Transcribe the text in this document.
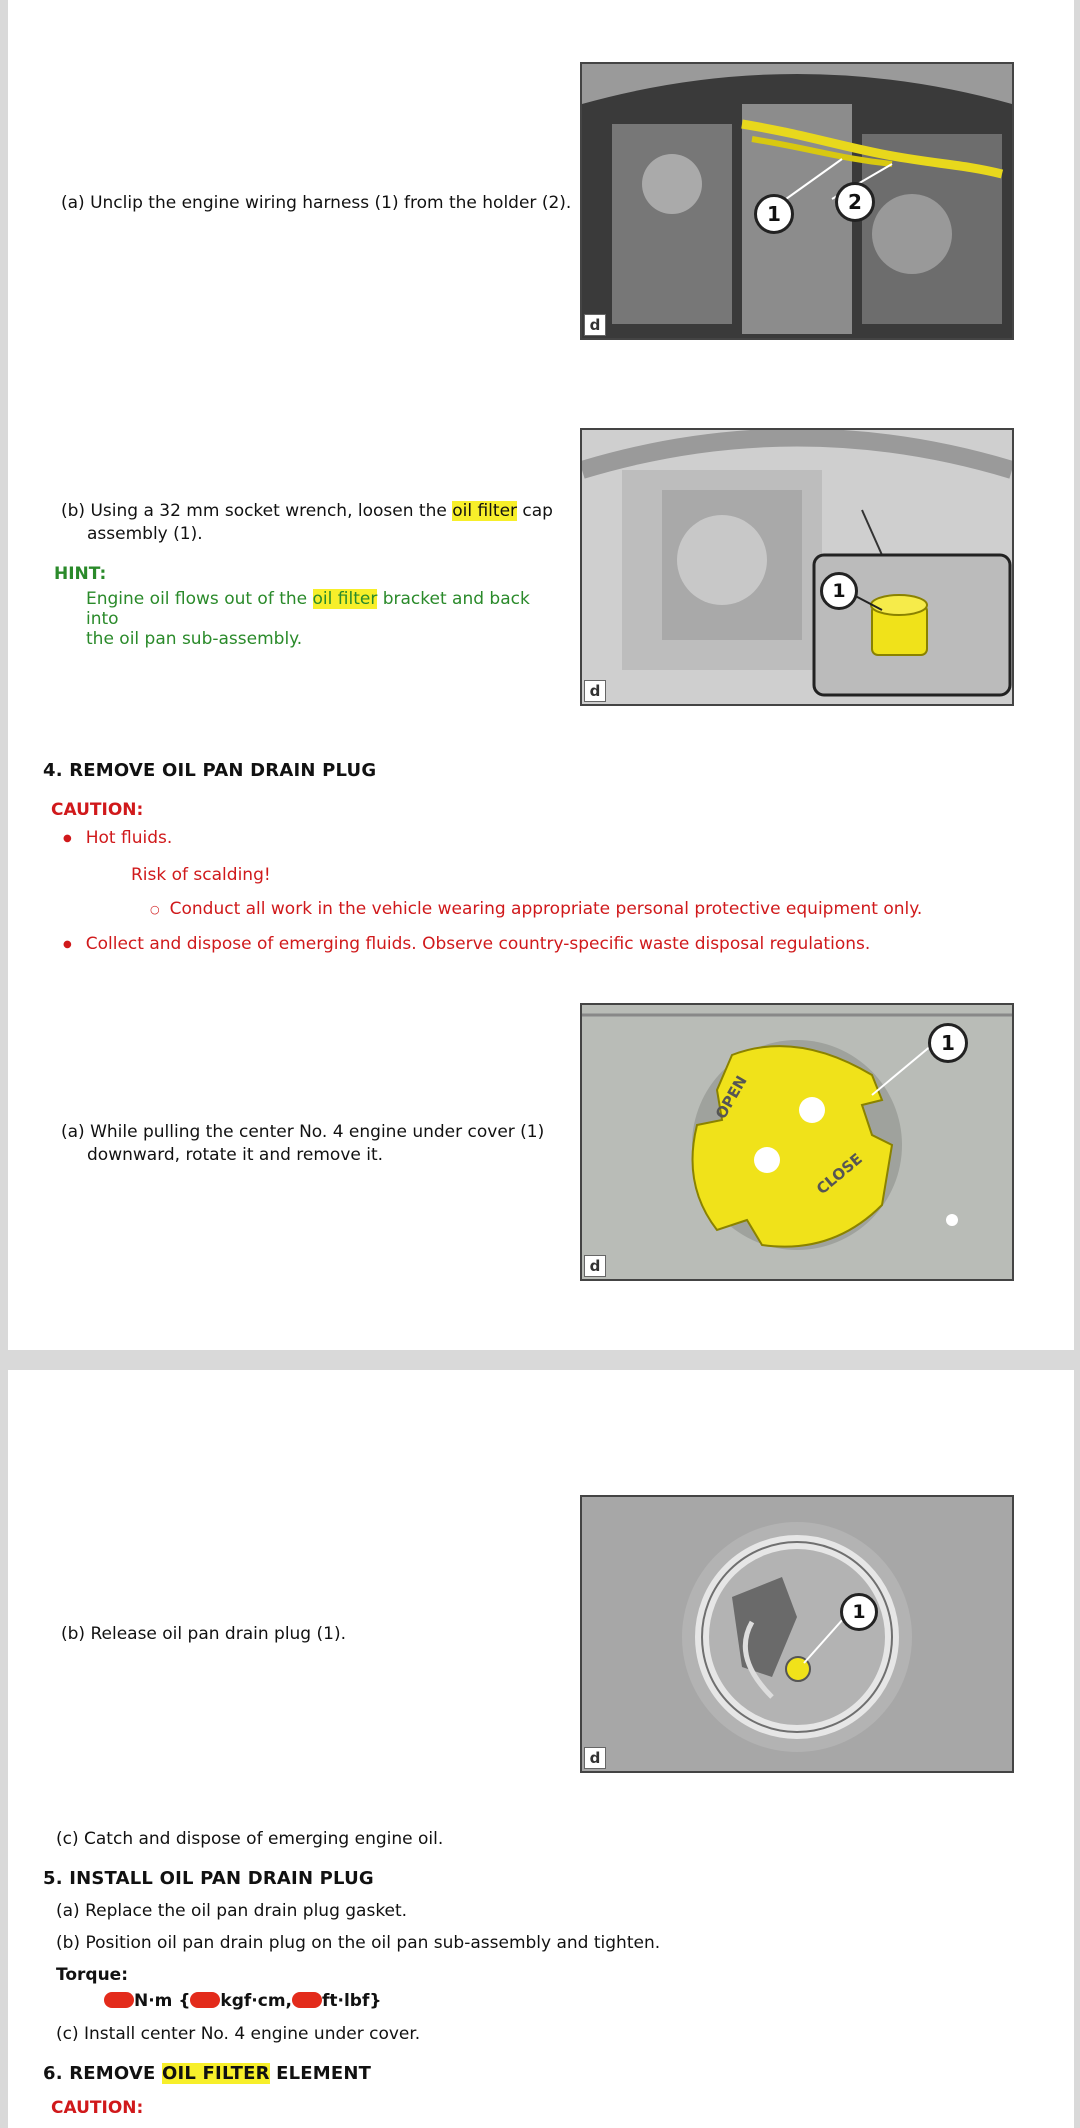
(a) Unclip the engine wiring harness (1) from the holder (2).	1	2
d
(b) Using a 32 mm socket wrench, loosen the oil filter cap
assembly (1).
HINT:
Engine oil flows out of the oil filter bracket and back into
the oil pan sub-assembly.
1
d
4. REMOVE OIL PAN DRAIN PLUG
CAUTION:
● Hot fluids.
Risk of scalding!
○ Conduct all work in the vehicle wearing appropriate personal protective equipment only.
● Collect and dispose of emerging fluids. Observe country-specific waste disposal regulations.
(a) While pulling the center No. 4 engine under cover (1)
downward, rotate it and remove it.
OPEN
CLOSE
1
d
(b) Release oil pan drain plug (1).
1
d
(c) Catch and dispose of emerging engine oil.
5. INSTALL OIL PAN DRAIN PLUG
(a) Replace the oil pan drain plug gasket.
(b) Position oil pan drain plug on the oil pan sub-assembly and tighten.
Torque:
N·m { kgf·cm, ft·lbf}
(c) Install center No. 4 engine under cover.
6. REMOVE OIL FILTER ELEMENT
CAUTION:
